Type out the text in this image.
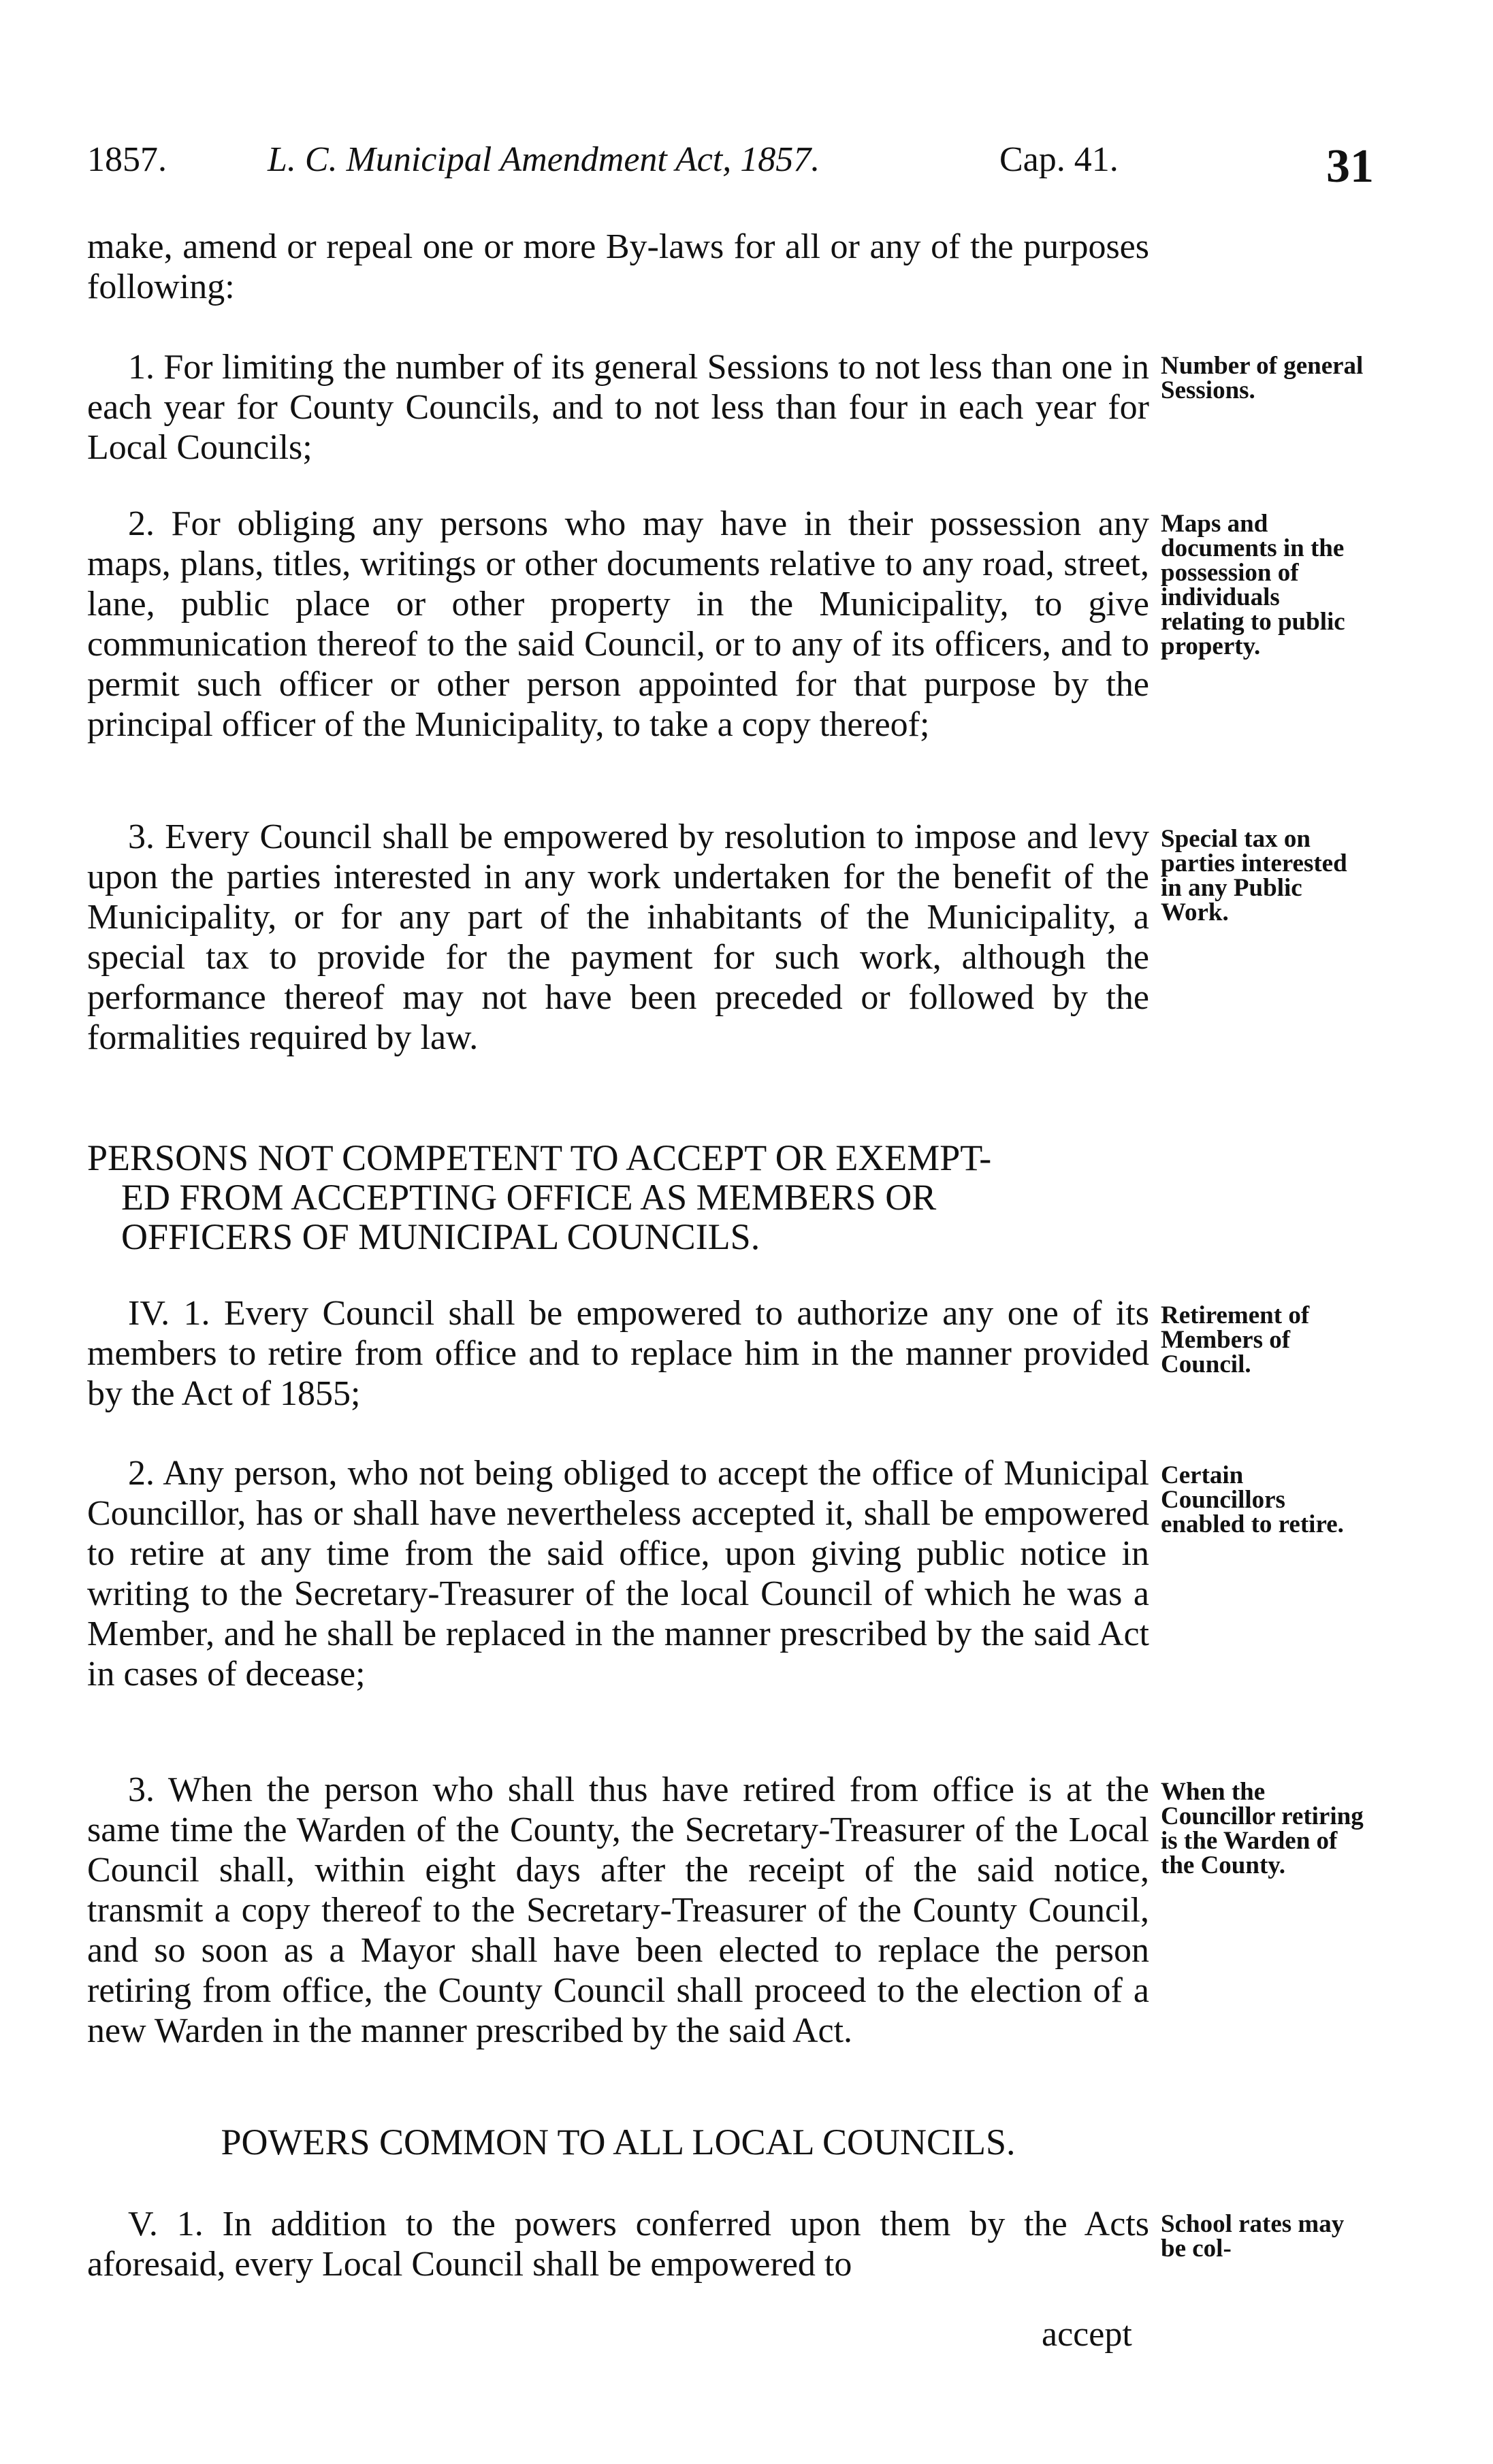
1857.	L. C. Municipal Amendment Act, 1857.	Cap. 41.	31

make, amend or repeal one or more By-laws for all or any of the purposes following:

1. For limiting the number of its general Sessions to not less than one in each year for County Councils, and to not less than four in each year for Local Councils;

Number of general Sessions.

2. For obliging any persons who may have in their possession any maps, plans, titles, writings or other documents relative to any road, street, lane, public place or other property in the Municipality, to give communication thereof to the said Council, or to any of its officers, and to permit such officer or other person appointed for that purpose by the principal officer of the Municipality, to take a copy thereof;

Maps and documents in the possession of individuals relating to public property.

3. Every Council shall be empowered by resolution to impose and levy upon the parties interested in any work undertaken for the benefit of the Municipality, or for any part of the inhabitants of the Municipality, a special tax to provide for the payment for such work, although the performance thereof may not have been preceded or followed by the formalities required by law.

Special tax on parties interested in any Public Work.
PERSONS NOT COMPETENT TO ACCEPT OR EXEMPT-
ED FROM ACCEPTING OFFICE AS MEMBERS OR
OFFICERS OF MUNICIPAL COUNCILS.

IV. 1. Every Council shall be empowered to authorize any one of its members to retire from office and to replace him in the manner provided by the Act of 1855;

Retirement of Members of Council.

2. Any person, who not being obliged to accept the office of Municipal Councillor, has or shall have nevertheless accepted it, shall be empowered to retire at any time from the said office, upon giving public notice in writing to the Secretary-Treasurer of the local Council of which he was a Member, and he shall be replaced in the manner prescribed by the said Act in cases of decease;

Certain Councillors enabled to retire.

3. When the person who shall thus have retired from office is at the same time the Warden of the County, the Secretary-Treasurer of the Local Council shall, within eight days after the receipt of the said notice, transmit a copy thereof to the Secretary-Treasurer of the County Council, and so soon as a Mayor shall have been elected to replace the person retiring from office, the County Council shall proceed to the election of a new Warden in the manner prescribed by the said Act.

When the Councillor retiring is the Warden of the County.
POWERS COMMON TO ALL LOCAL COUNCILS.

V. 1. In addition to the powers conferred upon them by the Acts aforesaid, every Local Council shall be empowered to

School rates may be col-
accept
